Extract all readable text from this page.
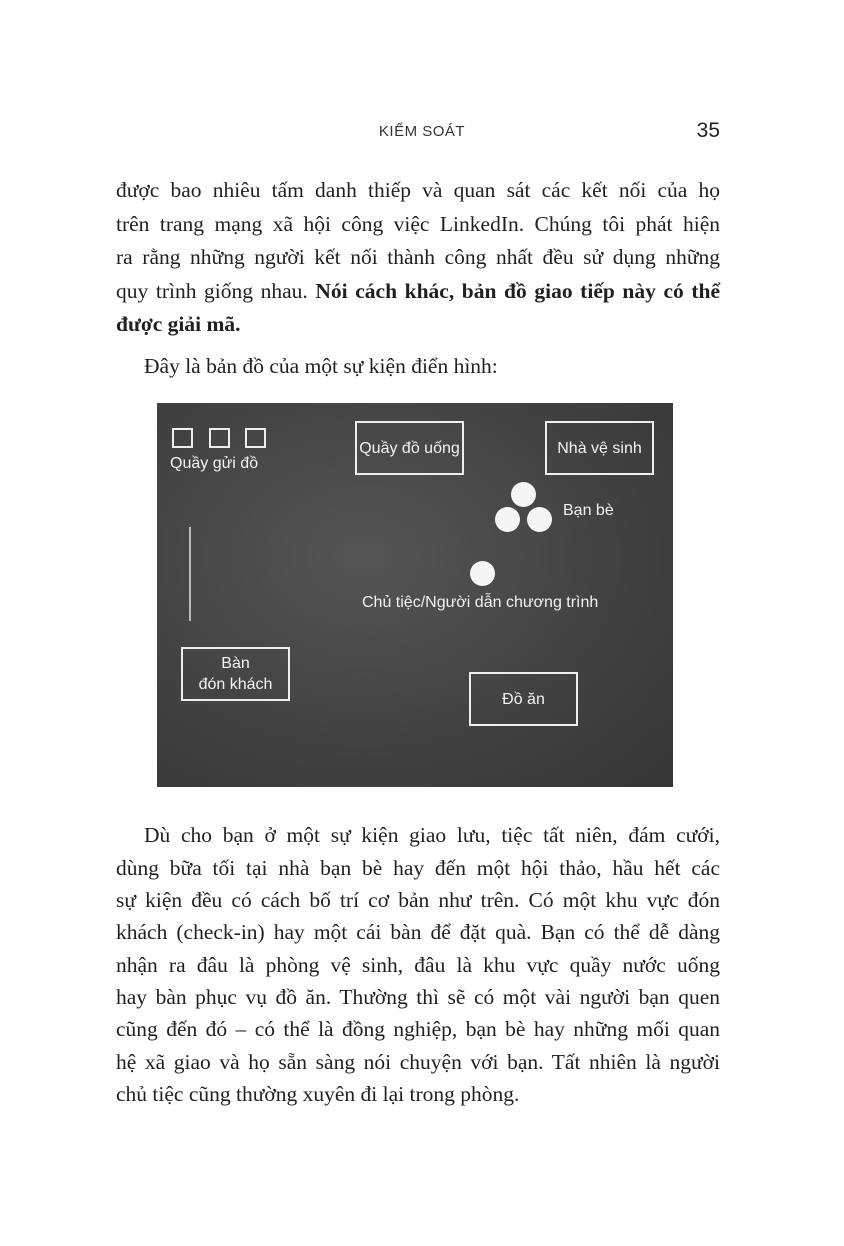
KIỂM SOÁT	35
được bao nhiêu tấm danh thiếp và quan sát các kết nối của họ
trên trang mạng xã hội công việc LinkedIn. Chúng tôi phát hiện
ra rằng những người kết nối thành công nhất đều sử dụng những
quy trình giống nhau. Nói cách khác, bản đồ giao tiếp này có thể
được giải mã.
Đây là bản đồ của một sự kiện điển hình:
Quầy gửi đồ
Quầy đồ uống	Nhà vệ sinh
Bạn bè
Chủ tiệc/Người dẫn chương trình
Bàn
đón khách
Đồ ăn
Dù cho bạn ở một sự kiện giao lưu, tiệc tất niên, đám cưới,
dùng bữa tối tại nhà bạn bè hay đến một hội thảo, hầu hết các
sự kiện đều có cách bố trí cơ bản như trên. Có một khu vực đón
khách (check-in) hay một cái bàn để đặt quà. Bạn có thể dễ dàng
nhận ra đâu là phòng vệ sinh, đâu là khu vực quầy nước uống
hay bàn phục vụ đồ ăn. Thường thì sẽ có một vài người bạn quen
cũng đến đó – có thể là đồng nghiệp, bạn bè hay những mối quan
hệ xã giao và họ sẵn sàng nói chuyện với bạn. Tất nhiên là người
chủ tiệc cũng thường xuyên đi lại trong phòng.
